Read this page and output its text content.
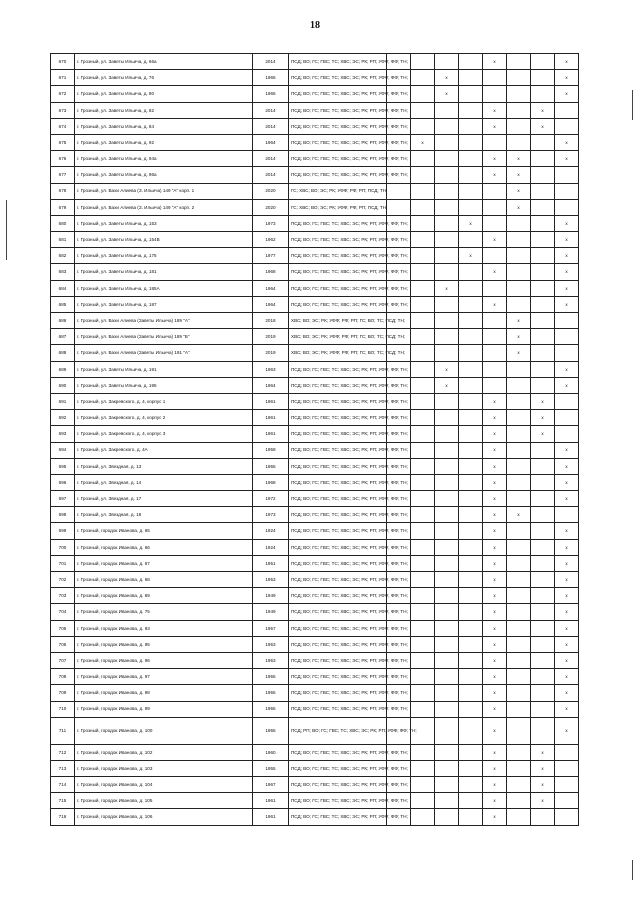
18
670	г. Грозный, ул. Заветы Ильича, д. 66а	2014	ПСД; ВО; ГС; ГВС; ТС; ХВС; ЭС; РК; РП; УФФ; ФФ; ТН;					x			x
671	г. Грозный, ул. Заветы Ильича, д. 76	1965	ПСД; ВО; ГС; ГВС; ТС; ХВС; ЭС; РК; РП; УФФ; ФФ; ТН;			x					x
672	г. Грозный, ул. Заветы Ильича, д. 80	1965	ПСД; ВО; ГС; ГВС; ТС; ХВС; ЭС; РК; РП; УФФ; ФФ; ТН;			x					x
673	г. Грозный, ул. Заветы Ильича, д. 82	2014	ПСД; ВО; ГС; ГВС; ТС; ХВС; ЭС; РК; РП; УФФ; ФФ; ТН;					x		x	
674	г. Грозный, ул. Заветы Ильича, д. 84	2014	ПСД; ВО; ГС; ГВС; ТС; ХВС; ЭС; РК; РП; УФФ; ФФ; ТН;					x		x	
675	г. Грозный, ул. Заветы Ильича, д. 92	1964	ПСД; ВО; ГС; ГВС; ТС; ХВС; ЭС; РК; РП; УФФ; ФФ; ТН;		x						x
676	г. Грозный, ул. Заветы Ильича, д. 94а	2014	ПСД; ВО; ГС; ГВС; ТС; ХВС; ЭС; РК; РП; УФФ; ФФ; ТН;					x	x		x
677	г. Грозный, ул. Заветы Ильича, д. 96а	2014	ПСД; ВО; ГС; ГВС; ТС; ХВС; ЭС; РК; РП; УФФ; ФФ; ТН;					x	x		
678	г. Грозный, ул. Вахи Алиева (З. Ильича) 149 "А" корп. 1	2020	ГС; ХВС; ВО; ЭС; РК; УФФ; РФ; РП; ПСД; ТН;						x		
679	г. Грозный, ул. Вахи Алиева (З. Ильича) 149 "А" корп. 2	2020	ГС; ХВС; ВО; ЭС; РК; УФФ; РФ; РП; ПСД; ТН;						x		
680	г. Грозный, ул. Заветы Ильича, д. 153	1973	ПСД; ВО; ГС; ГВС; ТС; ХВС; ЭС; РК; РП; УФФ; ФФ; ТН;				x				x
681	г. Грозный, ул. Заветы Ильича, д. 154В	1962	ПСД; ВО; ГС; ГВС; ТС; ХВС; ЭС; РК; РП; УФФ; ФФ; ТН;					x			x
682	г. Грозный, ул. Заветы Ильича, д. 175	1977	ПСД; ВО; ГС; ГВС; ТС; ХВС; ЭС; РК; РП; УФФ; ФФ; ТН;				x				x
683	г. Грозный, ул. Заветы Ильича, д. 181	1968	ПСД; ВО; ГС; ГВС; ТС; ХВС; ЭС; РК; РП; УФФ; ФФ; ТН;					x			x
684	г. Грозный, ул. Заветы Ильича, д. 185А	1964	ПСД; ВО; ГС; ГВС; ТС; ХВС; ЭС; РК; РП; УФФ; ФФ; ТН;			x					x
685	г. Грозный, ул. Заветы Ильича, д. 187	1964	ПСД; ВО; ГС; ГВС; ТС; ХВС; ЭС; РК; РП; УФФ; ФФ; ТН;					x			x
686	г. Грозный, ул. Вахи Алиева (Заветы Ильича) 189 "А"	2018	ХВС; ВО; ЭС; РК; УФФ; РФ; РП; ГС; ВО; ТС; ПСД; ТН;						x		
687	г. Грозный, ул. Вахи Алиева (Заветы Ильича) 189 "Б"	2019	ХВС; ВО; ЭС; РК; УФФ; РФ; РП; ГС; ВО; ТС; ПСД; ТН;						x		
688	г. Грозный, ул. Вахи Алиева (Заветы Ильича) 191 "А"	2019	ХВС; ВО; ЭС; РК; УФФ; РФ; РП; ГС; ВО; ТС; ПСД; ТН;						x		
689	г. Грозный, ул. Заветы Ильича, д. 191	1963	ПСД; ВО; ГС; ГВС; ТС; ХВС; ЭС; РК; РП; УФФ; ФФ; ТН;			x					x
690	г. Грозный, ул. Заветы Ильича, д. 195	1964	ПСД; ВО; ГС; ГВС; ТС; ХВС; ЭС; РК; РП; УФФ; ФФ; ТН;			x					x
691	г. Грозный, ул. Закревского, д. 4, корпус 1	1961	ПСД; ВО; ГС; ГВС; ТС; ХВС; ЭС; РК; РП; УФФ; ФФ; ТН;					x		x	
692	г. Грозный, ул. Закревского, д. 4, корпус 2	1961	ПСД; ВО; ГС; ГВС; ТС; ХВС; ЭС; РК; РП; УФФ; ФФ; ТН;					x		x	
693	г. Грозный, ул. Закревского, д. 4, корпус 3	1961	ПСД; ВО; ГС; ГВС; ТС; ХВС; ЭС; РК; РП; УФФ; ФФ; ТН;					x		x	
694	г. Грозный, ул. Закревского, д. 4А	1959	ПСД; ВО; ГС; ГВС; ТС; ХВС; ЭС; РК; РП; УФФ; ФФ; ТН;					x			x
695	г. Грозный, ул. Звездная, д. 13	1955	ПСД; ВО; ГС; ГВС; ТС; ХВС; ЭС; РК; РП; УФФ; ФФ; ТН;					x			x
696	г. Грозный, ул. Звездная, д. 14	1968	ПСД; ВО; ГС; ГВС; ТС; ХВС; ЭС; РК; РП; УФФ; ФФ; ТН;					x			x
697	г. Грозный, ул. Звездная, д. 17	1972	ПСД; ВО; ГС; ГВС; ТС; ХВС; ЭС; РК; РП; УФФ; ФФ; ТН;					x			x
698	г. Грозный, ул. Звездная, д. 18	1973	ПСД; ВО; ГС; ГВС; ТС; ХВС; ЭС; РК; РП; УФФ; ФФ; ТН;					x	x		
699	г. Грозный, городок Иванова, д. 65	1924	ПСД; ВО; ГС; ГВС; ТС; ХВС; ЭС; РК; РП; УФФ; ФФ; ТН;					x			x
700	г. Грозный, городок Иванова, д. 66	1924	ПСД; ВО; ГС; ГВС; ТС; ХВС; ЭС; РК; РП; УФФ; ФФ; ТН;					x			x
701	г. Грозный, городок Иванова, д. 67	1951	ПСД; ВО; ГС; ГВС; ТС; ХВС; ЭС; РК; РП; УФФ; ФФ; ТН;					x			x
702	г. Грозный, городок Иванова, д. 68	1953	ПСД; ВО; ГС; ГВС; ТС; ХВС; ЭС; РК; РП; УФФ; ФФ; ТН;					x			x
703	г. Грозный, городок Иванова, д. 69	1949	ПСД; ВО; ГС; ГВС; ТС; ХВС; ЭС; РК; РП; УФФ; ФФ; ТН;					x			x
704	г. Грозный, городок Иванова, д. 75	1949	ПСД; ВО; ГС; ГВС; ТС; ХВС; ЭС; РК; РП; УФФ; ФФ; ТН;					x			x
705	г. Грозный, городок Иванова, д. 93	1957	ПСД; ВО; ГС; ГВС; ТС; ХВС; ЭС; РК; РП; УФФ; ФФ; ТН;					x			x
706	г. Грозный, городок Иванова, д. 95	1953	ПСД; ВО; ГС; ГВС; ТС; ХВС; ЭС; РК; РП; УФФ; ФФ; ТН;					x			x
707	г. Грозный, городок Иванова, д. 96	1953	ПСД; ВО; ГС; ГВС; ТС; ХВС; ЭС; РК; РП; УФФ; ФФ; ТН;					x			x
708	г. Грозный, городок Иванова, д. 97	1955	ПСД; ВО; ГС; ГВС; ТС; ХВС; ЭС; РК; РП; УФФ; ФФ; ТН;					x			x
709	г. Грозный, городок Иванова, д. 98	1955	ПСД; ВО; ГС; ГВС; ТС; ХВС; ЭС; РК; РП; УФФ; ФФ; ТН;					x			x
710	г. Грозный, городок Иванова, д. 99	1955	ПСД; ВО; ГС; ГВС; ТС; ХВС; ЭС; РК; РП; УФФ; ФФ; ТН;					x			x
711	г. Грозный, городок Иванова, д. 100	1955	ПСД; РП; ВО; ГС; ГВС; ТС; ХВС; ЭС; РК; РП; УФФ; ФФ; ТН;					x			x
712	г. Грозный, городок Иванова, д. 102	1960	ПСД; ВО; ГС; ГВС; ТС; ХВС; ЭС; РК; РП; УФФ; ФФ; ТН;					x		x	
713	г. Грозный, городок Иванова, д. 103	1955	ПСД; ВО; ГС; ГВС; ТС; ХВС; ЭС; РК; РП; УФФ; ФФ; ТН;					x		x	
714	г. Грозный, городок Иванова, д. 104	1967	ПСД; ВО; ГС; ГВС; ТС; ХВС; ЭС; РК; РП; УФФ; ФФ; ТН;					x		x	
715	г. Грозный, городок Иванова, д. 105	1961	ПСД; ВО; ГС; ГВС; ТС; ХВС; ЭС; РК; РП; УФФ; ФФ; ТН;					x		x	
716	г. Грозный, городок Иванова, д. 106	1961	ПСД; ВО; ГС; ГВС; ТС; ХВС; ЭС; РК; РП; УФФ; ФФ; ТН;					x			
